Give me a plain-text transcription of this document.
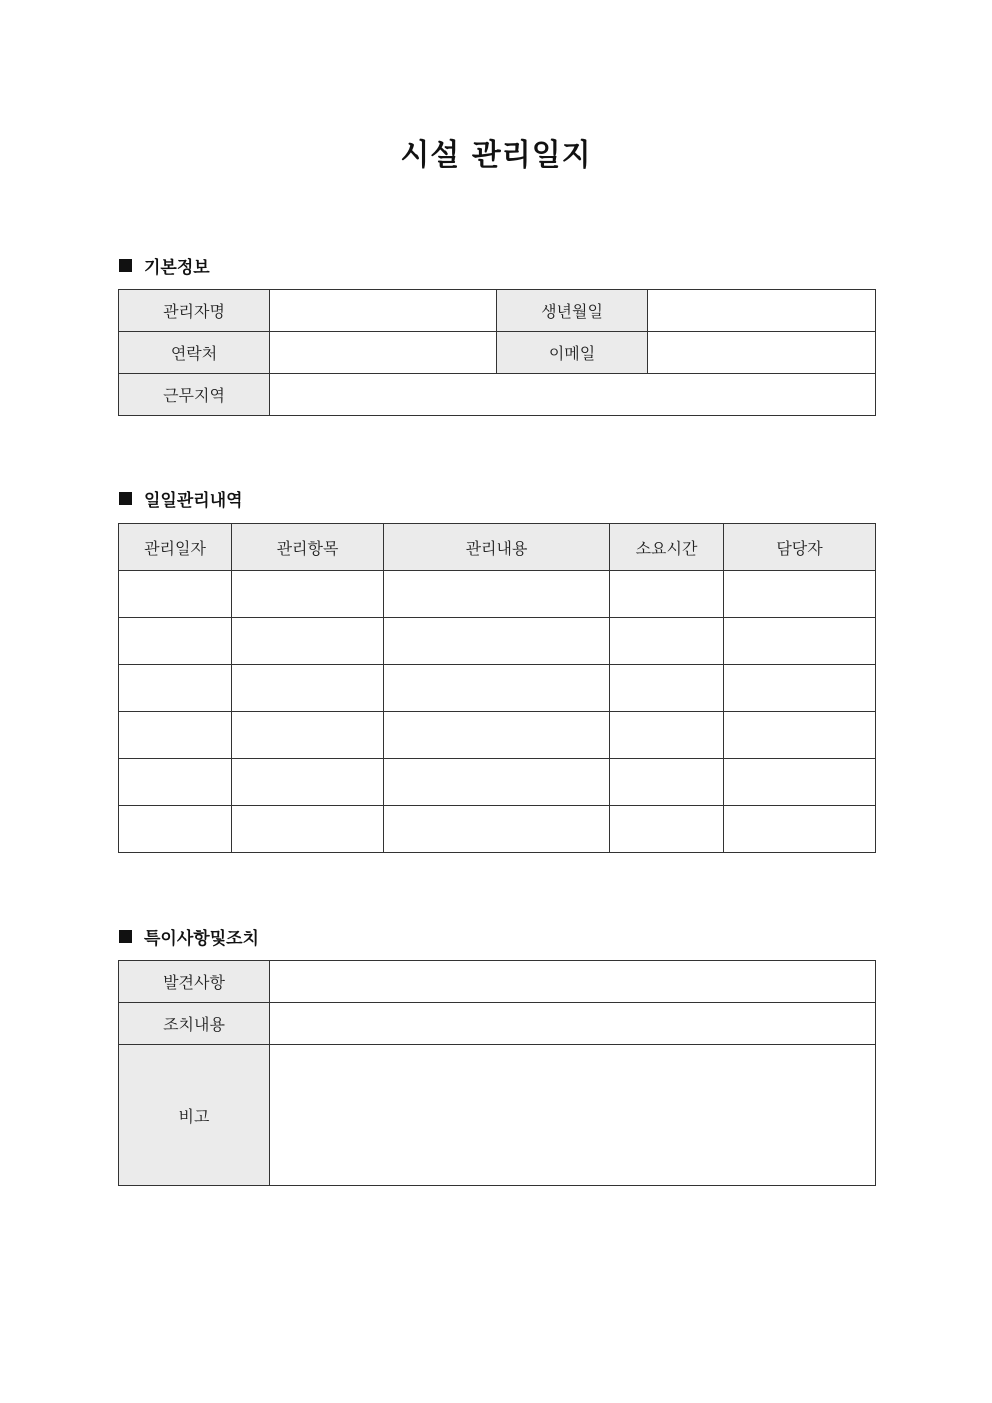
시설 관리일지
기본정보
관리자명		생년월일	
연락처		이메일	
근무지역			
일일관리내역
관리일자	관리항목	관리내용	소요시간	담당자

특이사항및조치
발견사항	
조치내용	
비고	
